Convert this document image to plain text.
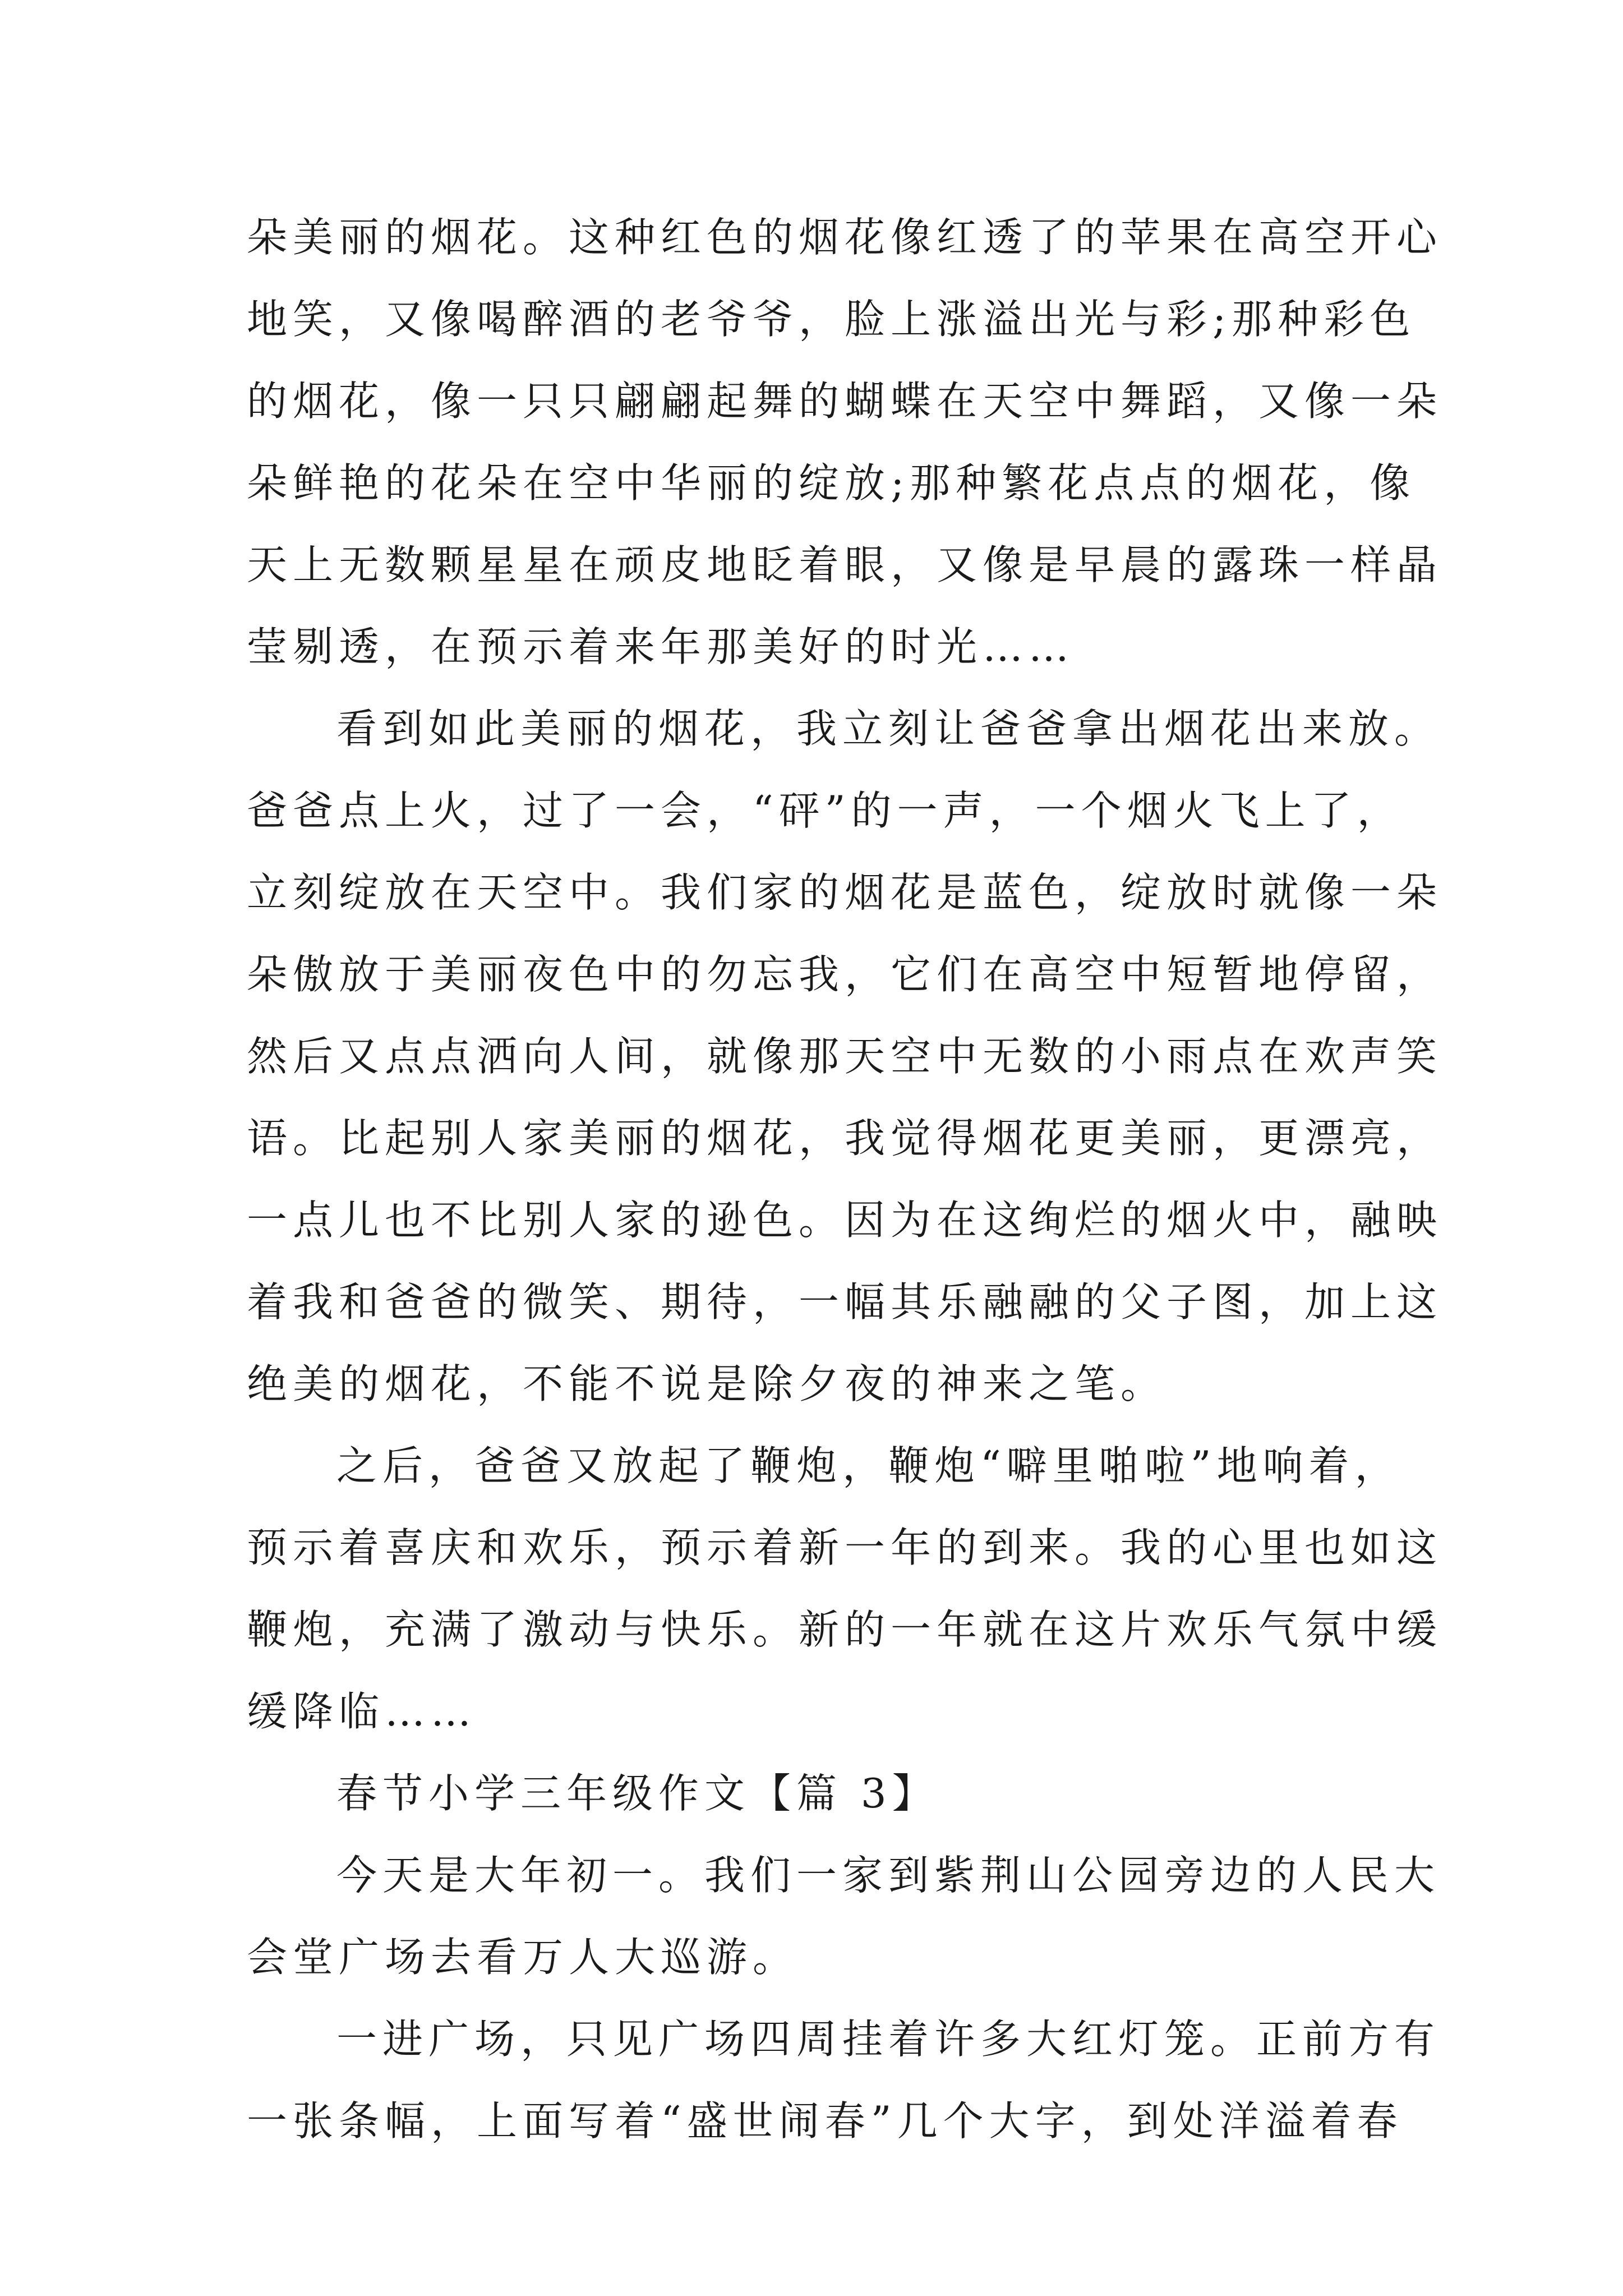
朵美丽的烟花。这种红色的烟花像红透了的苹果在高空开心
地笑，又像喝醉酒的老爷爷，脸上涨溢出光与彩;那种彩色
的烟花，像一只只翩翩起舞的蝴蝶在天空中舞蹈，又像一朵
朵鲜艳的花朵在空中华丽的绽放;那种繁花点点的烟花，像
天上无数颗星星在顽皮地眨着眼，又像是早晨的露珠一样晶
莹剔透，在预示着来年那美好的时光……
看到如此美丽的烟花，我立刻让爸爸拿出烟花出来放。
爸爸点上火，过了一会，“砰”的一声，一个烟火飞上了，
立刻绽放在天空中。我们家的烟花是蓝色，绽放时就像一朵
朵傲放于美丽夜色中的勿忘我，它们在高空中短暂地停留，
然后又点点洒向人间，就像那天空中无数的小雨点在欢声笑
语。比起别人家美丽的烟花，我觉得烟花更美丽，更漂亮，
一点儿也不比别人家的逊色。因为在这绚烂的烟火中，融映
着我和爸爸的微笑、期待，一幅其乐融融的父子图，加上这
绝美的烟花，不能不说是除夕夜的神来之笔。
之后，爸爸又放起了鞭炮，鞭炮“噼里啪啦”地响着，
预示着喜庆和欢乐，预示着新一年的到来。我的心里也如这
鞭炮，充满了激动与快乐。新的一年就在这片欢乐气氛中缓
缓降临……
春节小学三年级作文【篇 3】
今天是大年初一。我们一家到紫荆山公园旁边的人民大
会堂广场去看万人大巡游。
一进广场，只见广场四周挂着许多大红灯笼。正前方有
一张条幅，上面写着“盛世闹春”几个大字，到处洋溢着春
